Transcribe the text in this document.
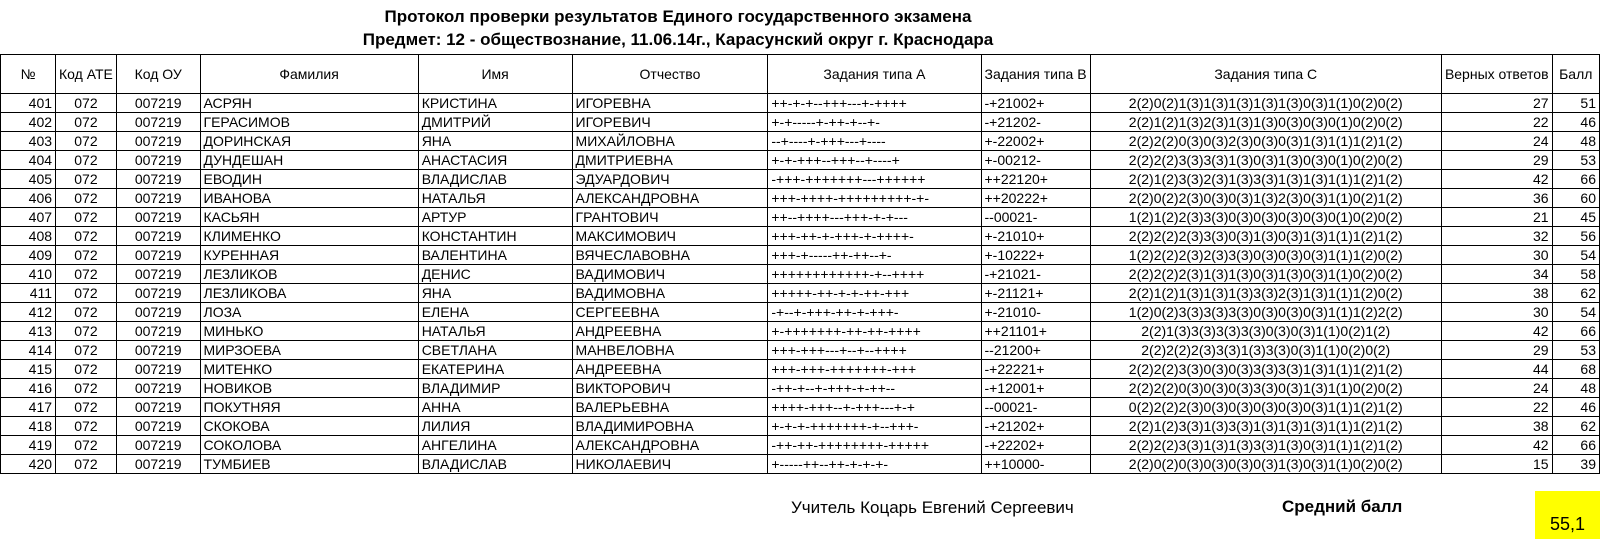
Протокол проверки результатов Единого государственного экзамена
Предмет: 12 - обществознание, 11.06.14г., Карасунский округ г. Краснодара
№	Код АТЕ	Код ОУ	Фамилия	Имя	Отчество	Задания типа А	Задания типа В	Задания типа С	Верных ответов	Балл
401	072	007219	АСРЯН	КРИСТИНА	ИГОРЕВНА	++-+-+--+++---+-++++	-+21002+	2(2)0(2)1(3)1(3)1(3)1(3)1(3)0(3)1(1)0(2)0(2)	27	51
402	072	007219	ГЕРАСИМОВ	ДМИТРИЙ	ИГОРЕВИЧ	+-+-----+-++-+--+-	-+21202-	2(2)1(2)1(3)2(3)1(3)1(3)0(3)0(3)0(1)0(2)0(2)	22	46
403	072	007219	ДОРИНСКАЯ	ЯНА	МИХАЙЛОВНА	--+----+-+++---+----	+-22002+	2(2)2(2)0(3)0(3)2(3)0(3)0(3)1(3)1(1)1(2)1(2)	24	48
404	072	007219	ДУНДЕШАН	АНАСТАСИЯ	ДМИТРИЕВНА	+-+-+++--+++--+----+	+-00212-	2(2)2(2)3(3)3(3)1(3)0(3)1(3)0(3)0(1)0(2)0(2)	29	53
405	072	007219	ЕВОДИН	ВЛАДИСЛАВ	ЭДУАРДОВИЧ	-+++-+++++++---++++++	++22120+	2(2)1(2)3(3)2(3)1(3)3(3)1(3)1(3)1(1)1(2)1(2)	42	66
406	072	007219	ИВАНОВА	НАТАЛЬЯ	АЛЕКСАНДРОВНА	+++-++++-+++++++++-+-	++20222+	2(2)0(2)2(3)0(3)0(3)1(3)2(3)0(3)1(1)0(2)1(2)	36	60
407	072	007219	КАСЬЯН	АРТУР	ГРАНТОВИЧ	++--++++---+++-+-+---	--00021-	1(2)1(2)2(3)3(3)0(3)0(3)0(3)0(3)0(1)0(2)0(2)	21	45
408	072	007219	КЛИМЕНКО	КОНСТАНТИН	МАКСИМОВИЧ	+++-++-+-+++-+-++++-	+-21010+	2(2)2(2)2(3)3(3)0(3)1(3)0(3)1(3)1(1)1(2)1(2)	32	56
409	072	007219	КУРЕННАЯ	ВАЛЕНТИНА	ВЯЧЕСЛАВОВНА	+++-+-----++-++--+-	+-10222+	1(2)2(2)2(3)2(3)3(3)0(3)0(3)0(3)1(1)1(2)0(2)	30	54
410	072	007219	ЛЕЗЛИКОВ	ДЕНИС	ВАДИМОВИЧ	++++++++++++-+--++++	-+21021-	2(2)2(2)2(3)1(3)1(3)0(3)1(3)0(3)1(1)0(2)0(2)	34	58
411	072	007219	ЛЕЗЛИКОВА	ЯНА	ВАДИМОВНА	+++++-++-+-+-++-+++	+-21121+	2(2)1(2)1(3)1(3)1(3)3(3)2(3)1(3)1(1)1(2)0(2)	38	62
412	072	007219	ЛОЗА	ЕЛЕНА	СЕРГЕЕВНА	-+--+-+++-++-+-+++-	+-21010-	1(2)0(2)3(3)3(3)3(3)0(3)0(3)0(3)1(1)1(2)2(2)	30	54
413	072	007219	МИНЬКО	НАТАЛЬЯ	АНДРЕЕВНА	+-+++++++-++-++-++++	++21101+	2(2)1(3)3(3)3(3)3(3)0(3)0(3)1(1)0(2)1(2)	42	66
414	072	007219	МИРЗОЕВА	СВЕТЛАНА	МАНВЕЛОВНА	+++-+++---+--+--++++	--21200+	2(2)2(2)2(3)3(3)1(3)3(3)0(3)1(1)0(2)0(2)	29	53
415	072	007219	МИТЕНКО	ЕКАТЕРИНА	АНДРЕЕВНА	+++-+++-+++++++-+++	-+22221+	2(2)2(2)3(3)0(3)0(3)3(3)3(3)1(3)1(1)1(2)1(2)	44	68
416	072	007219	НОВИКОВ	ВЛАДИМИР	ВИКТОРОВИЧ	-++-+--+-+++-+-++--	-+12001+	2(2)2(2)0(3)0(3)0(3)3(3)0(3)1(3)1(1)0(2)0(2)	24	48
417	072	007219	ПОКУТНЯЯ	АННА	ВАЛЕРЬЕВНА	++++-+++--+-+++---+-+	--00021-	0(2)2(2)2(3)0(3)0(3)0(3)0(3)0(3)1(1)1(2)1(2)	22	46
418	072	007219	СКОКОВА	ЛИЛИЯ	ВЛАДИМИРОВНА	+-+-+-+++++++-+--+++-	-+21202+	2(2)1(2)3(3)1(3)3(3)1(3)1(3)1(3)1(1)1(2)1(2)	38	62
419	072	007219	СОКОЛОВА	АНГЕЛИНА	АЛЕКСАНДРОВНА	-++-++-++++++++-+++++	-+22202+	2(2)2(2)3(3)1(3)1(3)3(3)1(3)0(3)1(1)1(2)1(2)	42	66
420	072	007219	ТУМБИЕВ	ВЛАДИСЛАВ	НИКОЛАЕВИЧ	+-----++--++-+-+-+-	++10000-	2(2)0(2)0(3)0(3)0(3)0(3)1(3)0(3)1(1)0(2)0(2)	15	39
Учитель Коцарь Евгений Сергеевич	Средний балл
55,1
